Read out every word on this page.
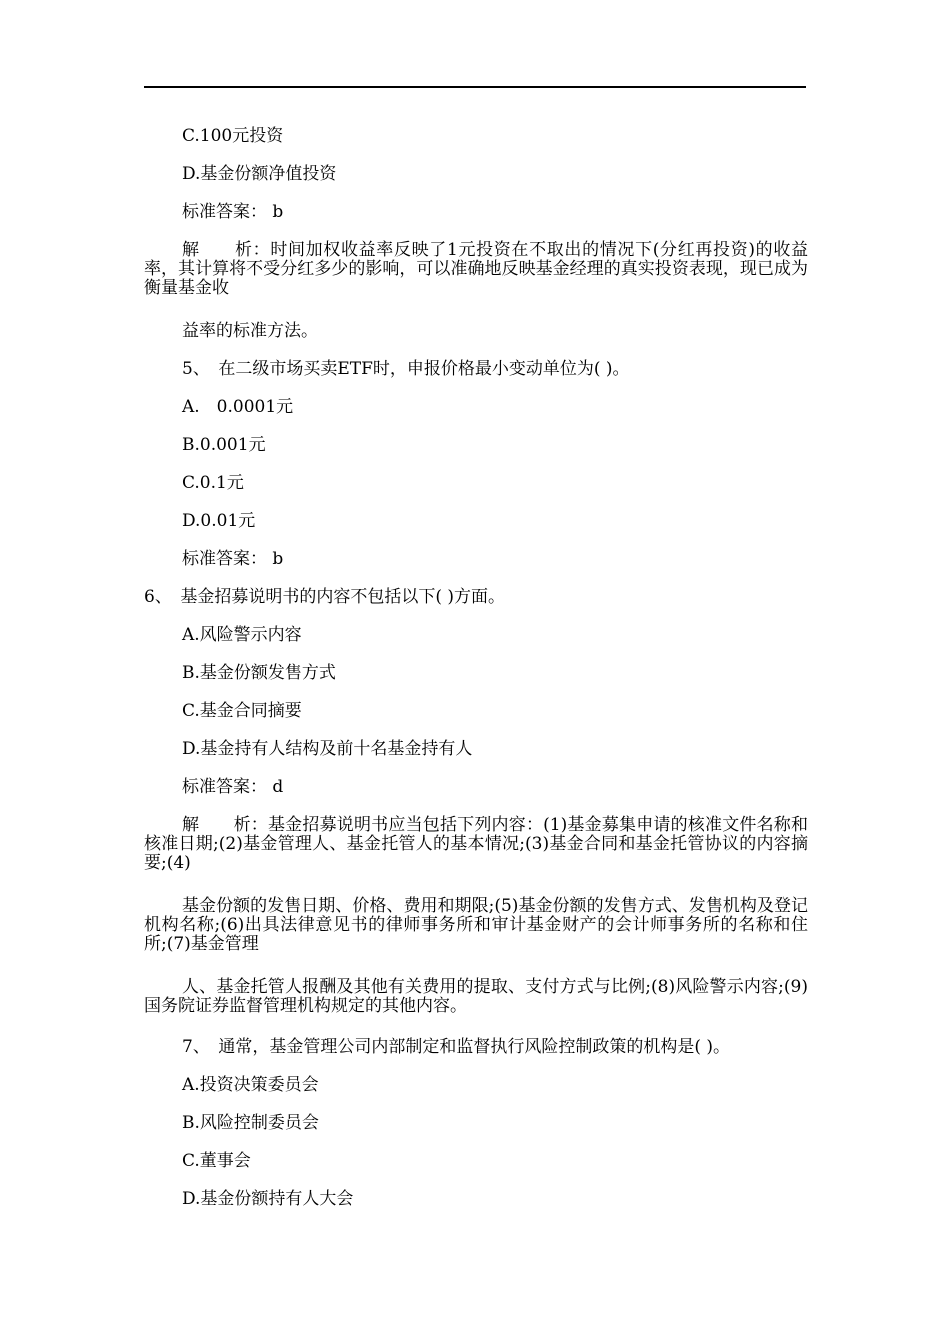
C.100元投资
D.基金份额净值投资
标准答案： b
解　　析：时间加权收益率反映了1元投资在不取出的情况下(分红再投资)的收益率，其计算将不受分红多少的影响，可以准确地反映基金经理的真实投资表现，现已成为衡量基金收
益率的标准方法。
5、　在二级市场买卖ETF时，申报价格最小变动单位为( )。
A.　0.0001元
B.0.001元
C.0.1元
D.0.01元
标准答案： b
6、　基金招募说明书的内容不包括以下( )方面。
A.风险警示内容
B.基金份额发售方式
C.基金合同摘要
D.基金持有人结构及前十名基金持有人
标准答案： d
解　　析：基金招募说明书应当包括下列内容：(1)基金募集申请的核准文件名称和核准日期;(2)基金管理人、基金托管人的基本情况;(3)基金合同和基金托管协议的内容摘要;(4)
基金份额的发售日期、价格、费用和期限;(5)基金份额的发售方式、发售机构及登记机构名称;(6)出具法律意见书的律师事务所和审计基金财产的会计师事务所的名称和住所;(7)基金管理
人、基金托管人报酬及其他有关费用的提取、支付方式与比例;(8)风险警示内容;(9)国务院证券监督管理机构规定的其他内容。
7、　通常，基金管理公司内部制定和监督执行风险控制政策的机构是( )。
A.投资决策委员会
B.风险控制委员会
C.董事会
D.基金份额持有人大会
